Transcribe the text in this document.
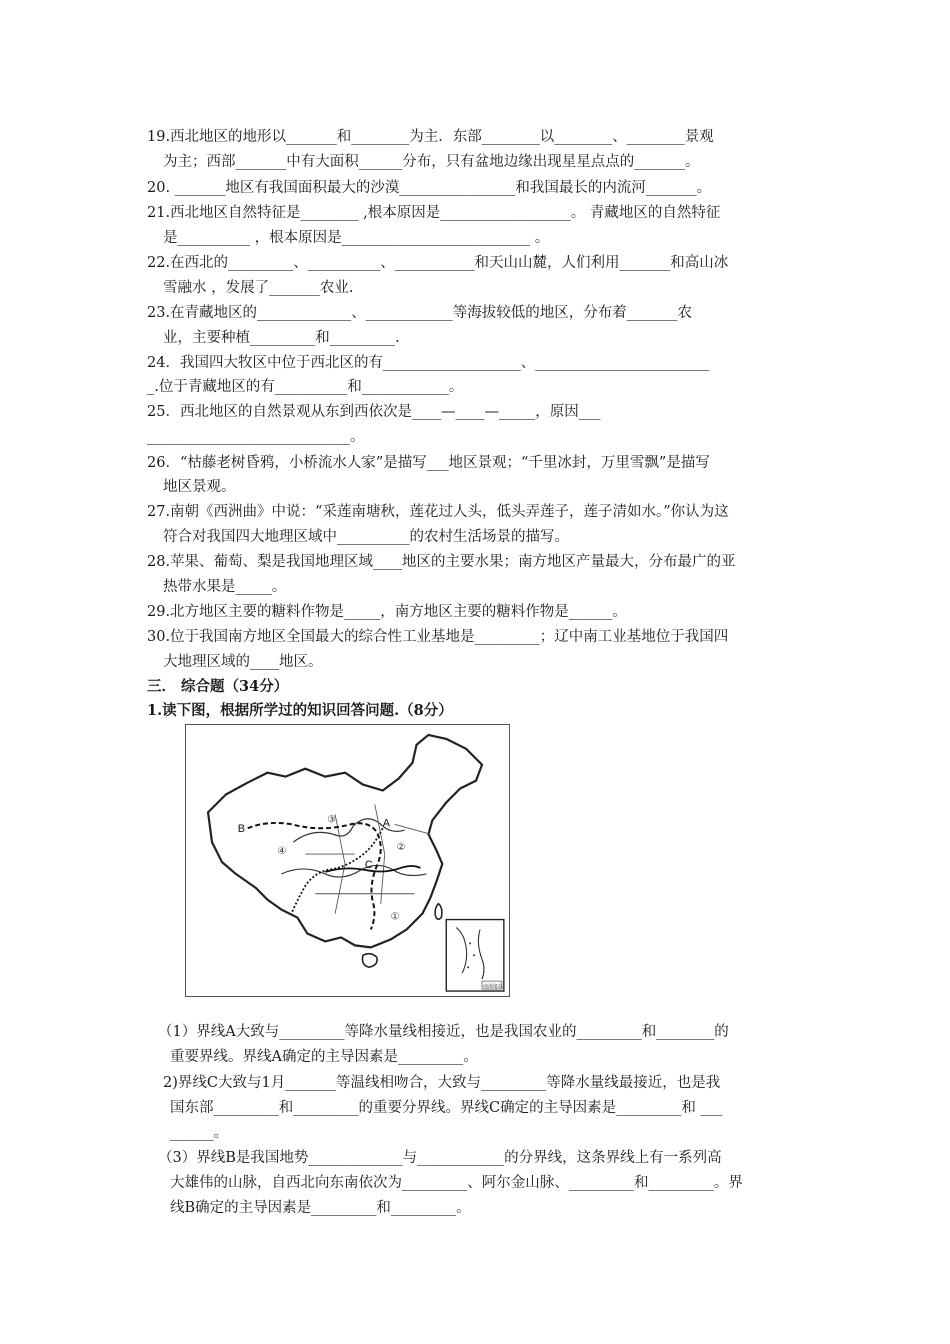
19.西北地区的地形以_______和________为主．东部________以________、________景观
为主；西部_______中有大面积______分布，只有盆地边缘出现星星点点的_______。
20. _______地区有我国面积最大的沙漠________________和我国最长的内流河_______。
21.西北地区自然特征是________ ,根本原因是__________________。 青藏地区的自然特征
是__________ ，根本原因是__________________________ 。
22.在西北的_________、__________、___________和天山山麓，人们利用_______和高山冰
雪融水 ，发展了_______农业.
23.在青藏地区的_____________、____________等海拔较低的地区，分布着_______农
业，主要种植_________和_________.
24．我国四大牧区中位于西北区的有___________________、________________________
_.位于青藏地区的有__________和____________。
25．西北地区的自然景观从东到西依次是____—____—_____，原因___
____________________________。
26．“枯藤老树昏鸦，小桥流水人家”是描写___地区景观；“千里冰封，万里雪飘”是描写
地区景观。
27.南朝《西洲曲》中说：“采莲南塘秋，莲花过人头，低头弄莲子，莲子清如水。”你认为这
符合对我国四大地理区域中__________的农村生活场景的描写。
28.苹果、葡萄、梨是我国地理区域____地区的主要水果；南方地区产量最大，分布最广的亚
热带水果是_____。
29.北方地区主要的糖料作物是_____，南方地区主要的糖料作物是______。
30.位于我国南方地区全国最大的综合性工业基地是_________；辽中南工业基地位于我国四
大地理区域的____地区。
三． 综合题（34分）
1.读下图，根据所学过的知识回答问题.（8分）
A
B
C
①
②
③
④
南海诸岛
（1）界线A大致与_________等降水量线相接近，也是我国农业的_________和________的
重要界线。界线A确定的主导因素是_________。
2)界线C大致与1月_______等温线相吻合，大致与_________等降水量线最接近，也是我
国东部_________和_________的重要分界线。界线C确定的主导因素是_________和 ___
______。
（3）界线B是我国地势_____________与____________的分界线，这条界线上有一系列高
大雄伟的山脉，自西北向东南依次为_________、阿尔金山脉、_________和_________。界
线B确定的主导因素是_________和_________。
